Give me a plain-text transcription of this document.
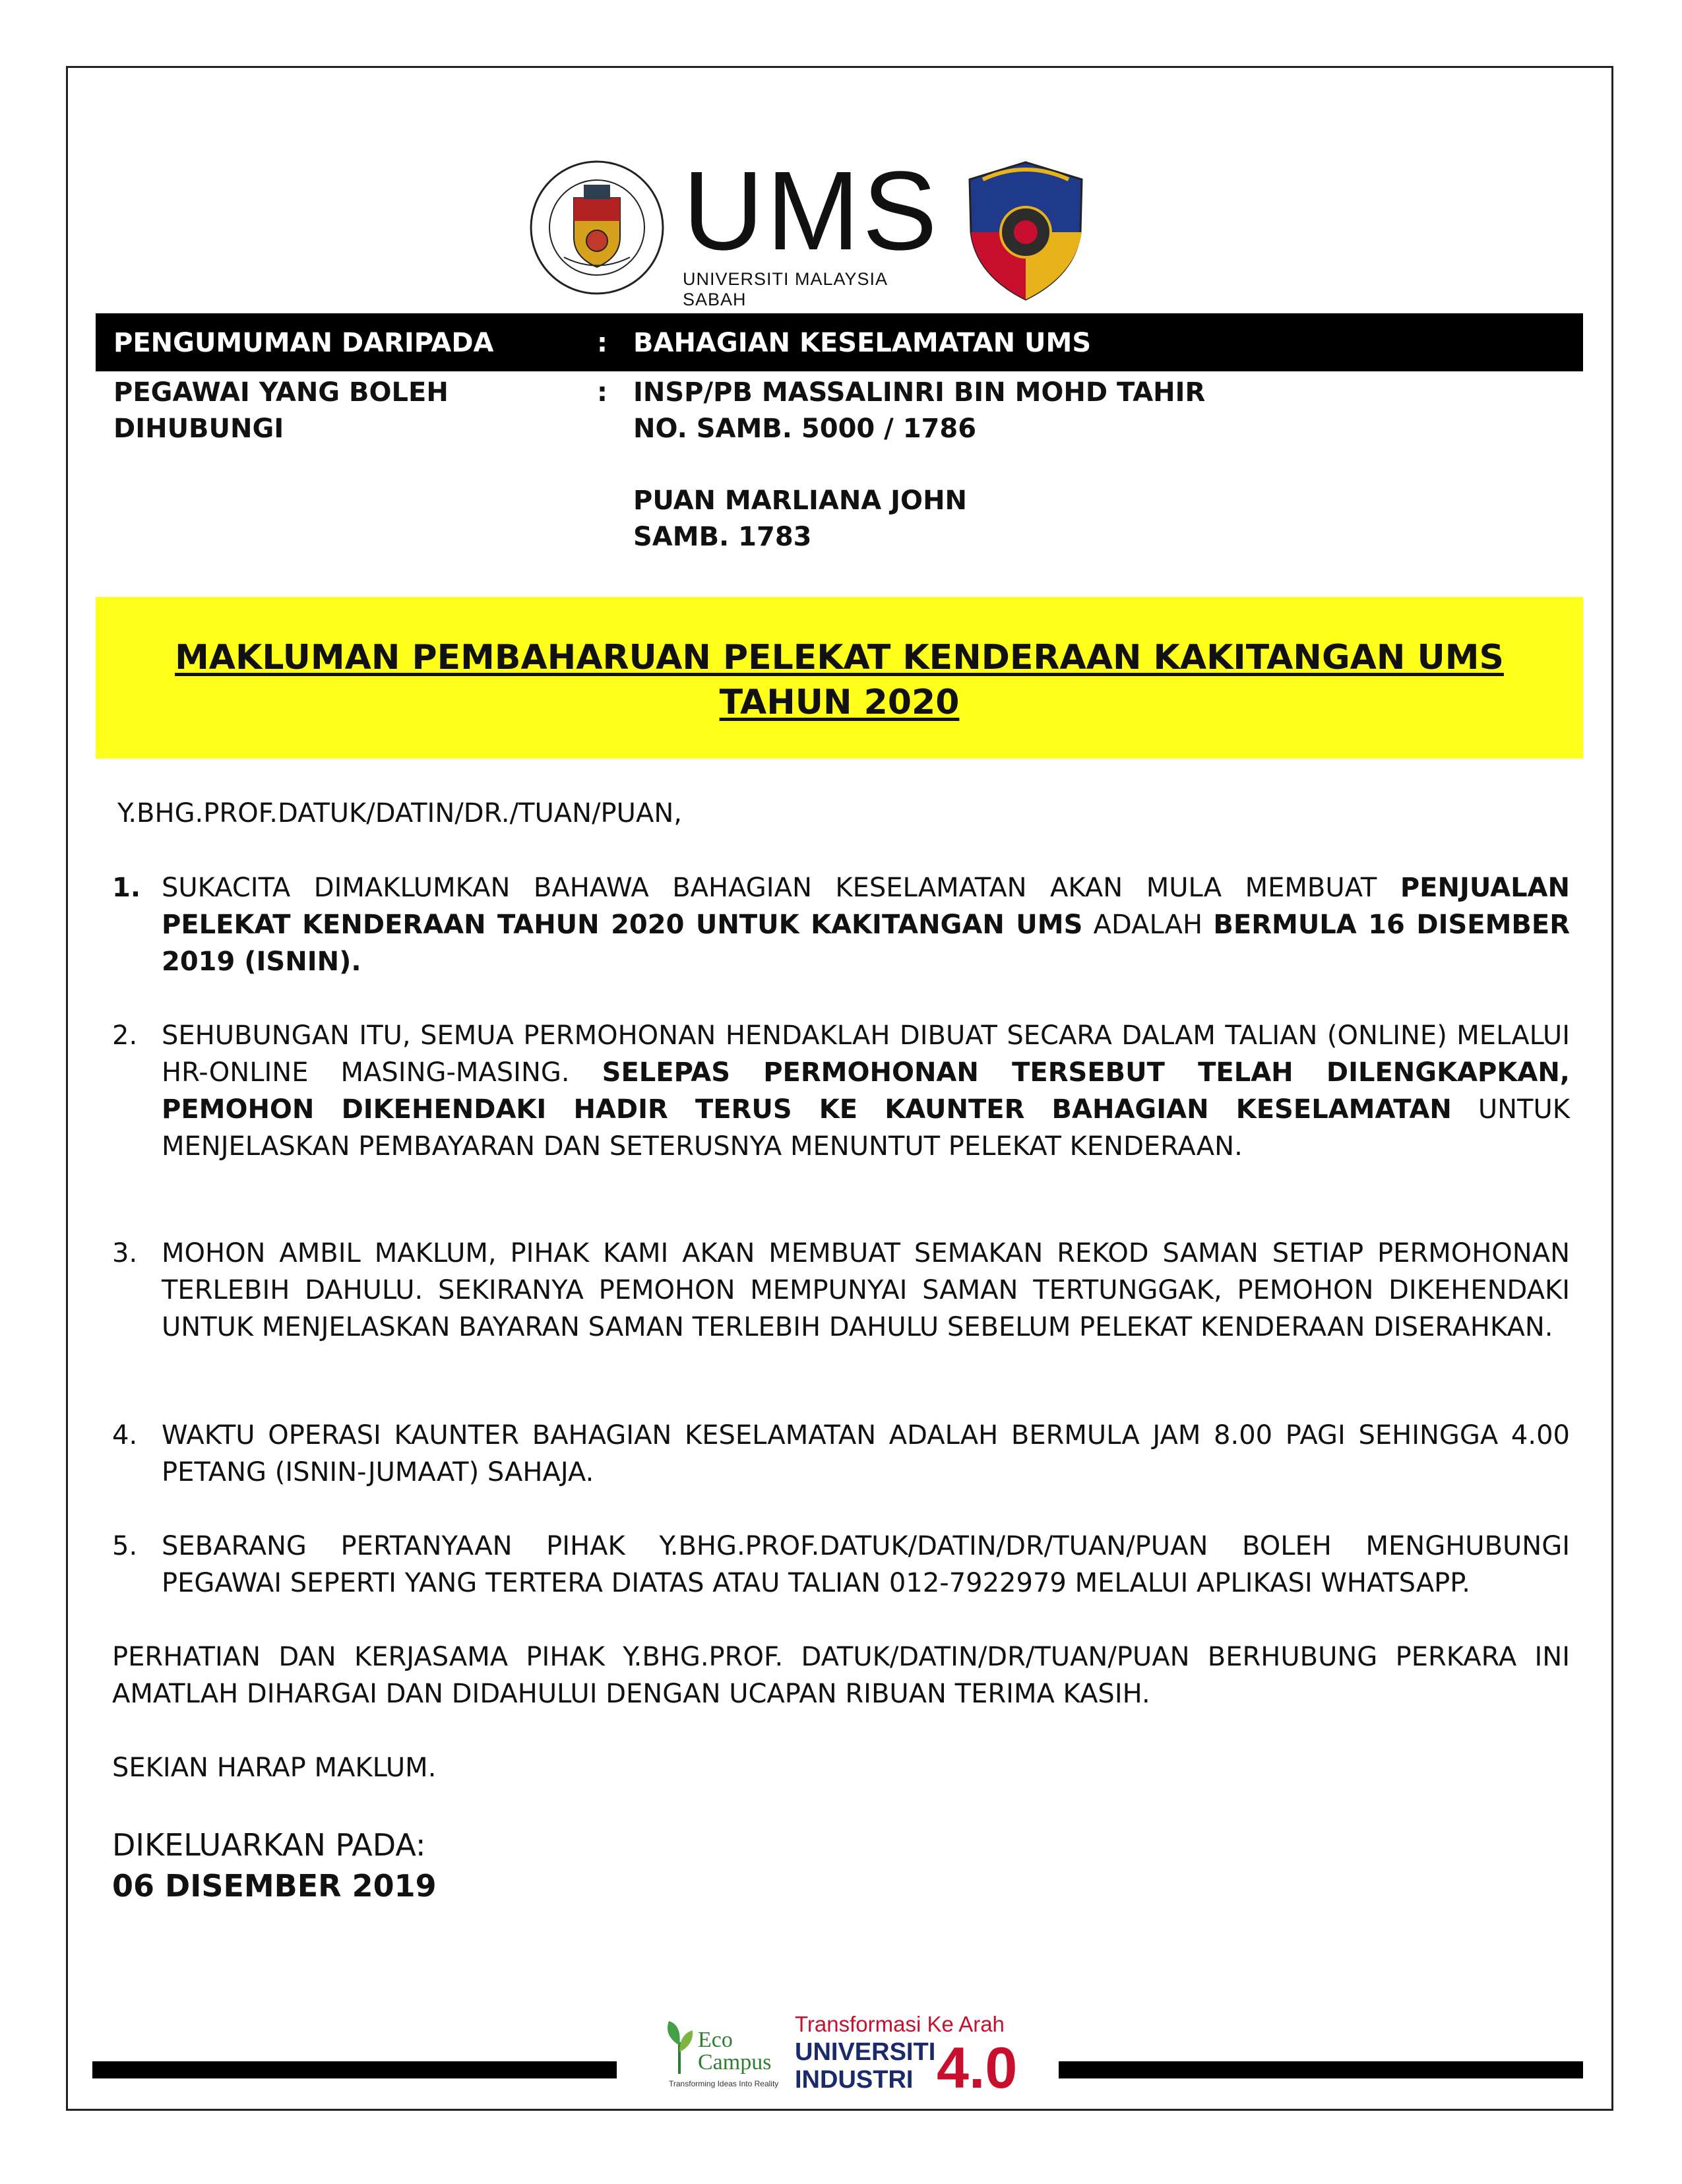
UMS
UNIVERSITI MALAYSIA SABAH
PENGUMUMAN DARIPADA	: BAHAGIAN KESELAMATAN UMS
PEGAWAI YANG BOLEH	: INSP/PB MASSALINRI BIN MOHD TAHIR
DIHUBUNGI	NO. SAMB. 5000 / 1786
PUAN MARLIANA JOHN
SAMB. 1783
MAKLUMAN PEMBAHARUAN PELEKAT KENDERAAN KAKITANGAN UMS
TAHUN 2020
Y.BHG.PROF.DATUK/DATIN/DR./TUAN/PUAN,
1. SUKACITA DIMAKLUMKAN BAHAWA BAHAGIAN KESELAMATAN AKAN MULA MEMBUAT PENJUALAN PELEKAT KENDERAAN TAHUN 2020 UNTUK KAKITANGAN UMS ADALAH BERMULA 16 DISEMBER 2019 (ISNIN).
2. SEHUBUNGAN ITU, SEMUA PERMOHONAN HENDAKLAH DIBUAT SECARA DALAM TALIAN (ONLINE) MELALUI HR-ONLINE MASING-MASING. SELEPAS PERMOHONAN TERSEBUT TELAH DILENGKAPKAN, PEMOHON DIKEHENDAKI HADIR TERUS KE KAUNTER BAHAGIAN KESELAMATAN UNTUK MENJELASKAN PEMBAYARAN DAN SETERUSNYA MENUNTUT PELEKAT KENDERAAN.
3. MOHON AMBIL MAKLUM, PIHAK KAMI AKAN MEMBUAT SEMAKAN REKOD SAMAN SETIAP PERMOHONAN TERLEBIH DAHULU. SEKIRANYA PEMOHON MEMPUNYAI SAMAN TERTUNGGAK, PEMOHON DIKEHENDAKI UNTUK MENJELASKAN BAYARAN SAMAN TERLEBIH DAHULU SEBELUM PELEKAT KENDERAAN DISERAHKAN.
4. WAKTU OPERASI KAUNTER BAHAGIAN KESELAMATAN ADALAH BERMULA JAM 8.00 PAGI SEHINGGA 4.00 PETANG (ISNIN-JUMAAT) SAHAJA.
5. SEBARANG PERTANYAAN PIHAK Y.BHG.PROF.DATUK/DATIN/DR/TUAN/PUAN BOLEH MENGHUBUNGI PEGAWAI SEPERTI YANG TERTERA DIATAS ATAU TALIAN 012-7922979 MELALUI APLIKASI WHATSAPP.
PERHATIAN DAN KERJASAMA PIHAK Y.BHG.PROF. DATUK/DATIN/DR/TUAN/PUAN BERHUBUNG PERKARA INI AMATLAH DIHARGAI DAN DIDAHULUI DENGAN UCAPAN RIBUAN TERIMA KASIH.
SEKIAN HARAP MAKLUM.
DIKELUARKAN PADA:
06 DISEMBER 2019
Eco
Campus
Transforming Ideas Into Reality
Transformasi Ke Arah
UNIVERSITI
INDUSTRI 4.0
